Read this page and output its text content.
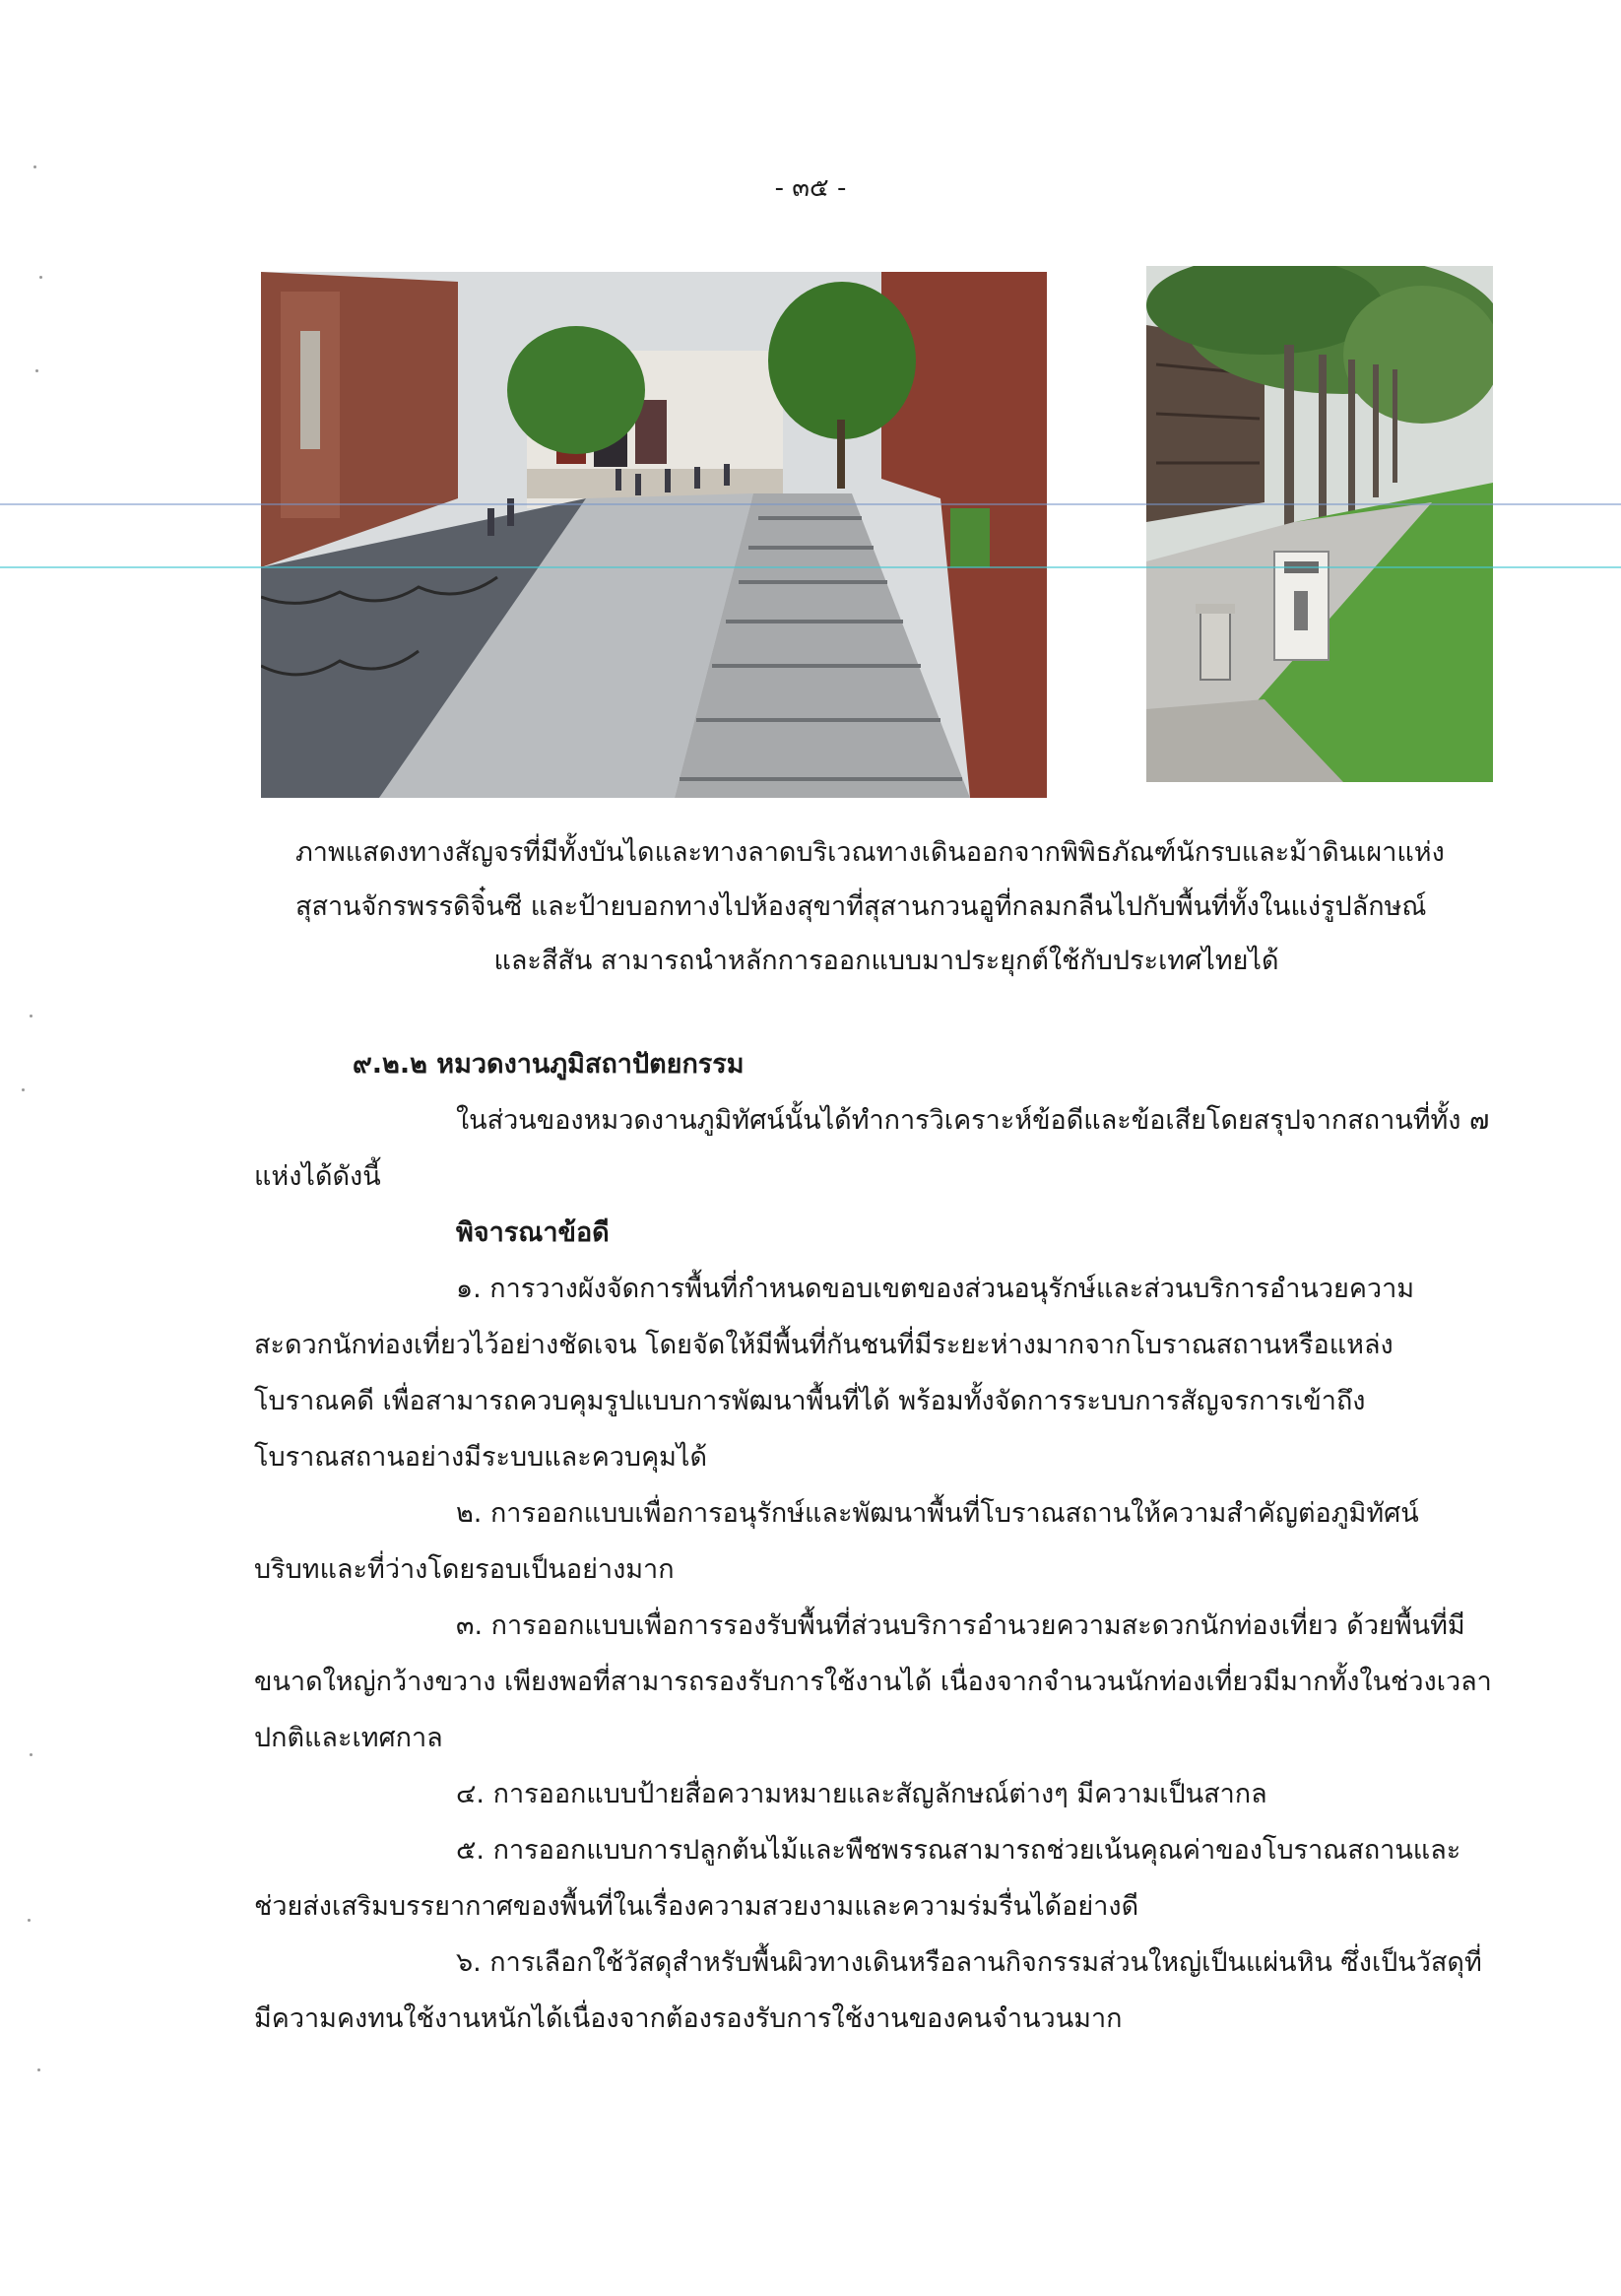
- ๓๕ -
ภาพแสดงทางสัญจรที่มีทั้งบันไดและทางลาดบริเวณทางเดินออกจากพิพิธภัณฑ์นักรบและม้าดินเผาแห่ง
สุสานจักรพรรดิจิ๋นซี และป้ายบอกทางไปห้องสุขาที่สุสานกวนอูที่กลมกลืนไปกับพื้นที่ทั้งในแง่รูปลักษณ์
และสีสัน สามารถนำหลักการออกแบบมาประยุกต์ใช้กับประเทศไทยได้
๙.๒.๒ หมวดงานภูมิสถาปัตยกรรม
ในส่วนของหมวดงานภูมิทัศน์นั้นได้ทำการวิเคราะห์ข้อดีและข้อเสียโดยสรุปจากสถานที่ทั้ง ๗
แห่งได้ดังนี้
พิจารณาข้อดี
๑. การวางผังจัดการพื้นที่กำหนดขอบเขตของส่วนอนุรักษ์และส่วนบริการอำนวยความ
สะดวกนักท่องเที่ยวไว้อย่างชัดเจน โดยจัดให้มีพื้นที่กันชนที่มีระยะห่างมากจากโบราณสถานหรือแหล่ง
โบราณคดี เพื่อสามารถควบคุมรูปแบบการพัฒนาพื้นที่ได้ พร้อมทั้งจัดการระบบการสัญจรการเข้าถึง
โบราณสถานอย่างมีระบบและควบคุมได้
๒. การออกแบบเพื่อการอนุรักษ์และพัฒนาพื้นที่โบราณสถานให้ความสำคัญต่อภูมิทัศน์
บริบทและที่ว่างโดยรอบเป็นอย่างมาก
๓. การออกแบบเพื่อการรองรับพื้นที่ส่วนบริการอำนวยความสะดวกนักท่องเที่ยว ด้วยพื้นที่มี
ขนาดใหญ่กว้างขวาง เพียงพอที่สามารถรองรับการใช้งานได้ เนื่องจากจำนวนนักท่องเที่ยวมีมากทั้งในช่วงเวลา
ปกติและเทศกาล
๔. การออกแบบป้ายสื่อความหมายและสัญลักษณ์ต่างๆ มีความเป็นสากล
๕. การออกแบบการปลูกต้นไม้และพืชพรรณสามารถช่วยเน้นคุณค่าของโบราณสถานและ
ช่วยส่งเสริมบรรยากาศของพื้นที่ในเรื่องความสวยงามและความร่มรื่นได้อย่างดี
๖. การเลือกใช้วัสดุสำหรับพื้นผิวทางเดินหรือลานกิจกรรมส่วนใหญ่เป็นแผ่นหิน ซึ่งเป็นวัสดุที่
มีความคงทนใช้งานหนักได้เนื่องจากต้องรองรับการใช้งานของคนจำนวนมาก
